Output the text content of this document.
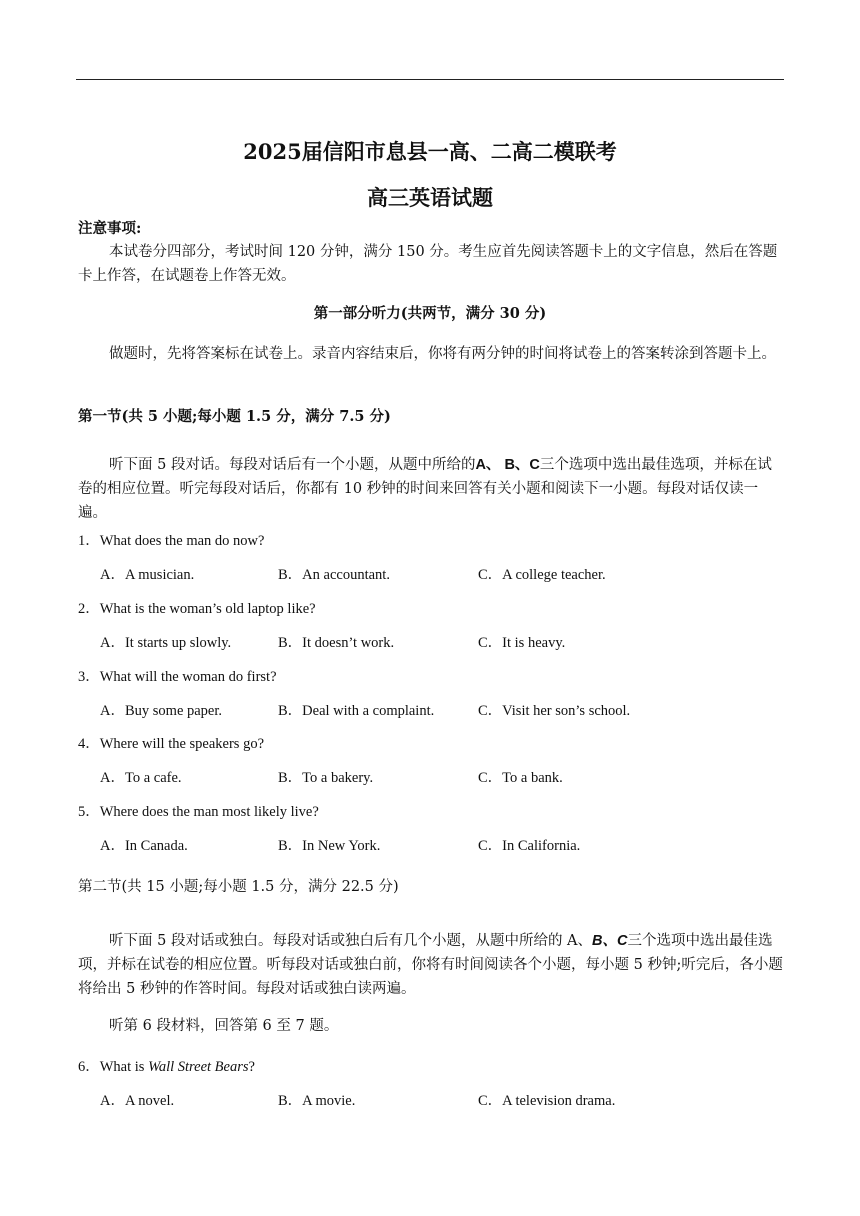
2025届信阳市息县一高、二高二模联考
高三英语试题
注意事项:
本试卷分四部分，考试时间 120 分钟，满分 150 分。考生应首先阅读答题卡上的文字信息，然后在答题卡上作答，在试题卷上作答无效。
第一部分听力(共两节，满分 30 分)
做题时，先将答案标在试卷上。录音内容结束后，你将有两分钟的时间将试卷上的答案转涂到答题卡上。
第一节(共 5 小题;每小题 1.5 分，满分 7.5 分)
听下面 5 段对话。每段对话后有一个小题，从题中所给的A、 B、C三个选项中选出最佳选项，并标在试卷的相应位置。听完每段对话后，你都有 10 秒钟的时间来回答有关小题和阅读下一小题。每段对话仅读一遍。
1．What does the man do now?
A．A musician.	B．An accountant.	C．A college teacher.
2．What is the woman’s old laptop like?
A．It starts up slowly.	B．It doesn’t work.	C．It is heavy.
3．What will the woman do first?
A．Buy some paper.	B．Deal with a complaint.	C．Visit her son’s school.
4．Where will the speakers go?
A．To a cafe.	B．To a bakery.	C．To a bank.
5．Where does the man most likely live?
A．In Canada.	B．In New York.	C．In California.
第二节(共 15 小题;每小题 1.5 分，满分 22.5 分)
听下面 5 段对话或独白。每段对话或独白后有几个小题，从题中所给的 A、B、C三个选项中选出最佳选项，并标在试卷的相应位置。听每段对话或独白前，你将有时间阅读各个小题，每小题 5 秒钟;听完后，各小题将给出 5 秒钟的作答时间。每段对话或独白读两遍。
听第 6 段材料，回答第 6 至 7 题。
6．What is Wall Street Bears?
A．A novel.	B．A movie.	C．A television drama.
